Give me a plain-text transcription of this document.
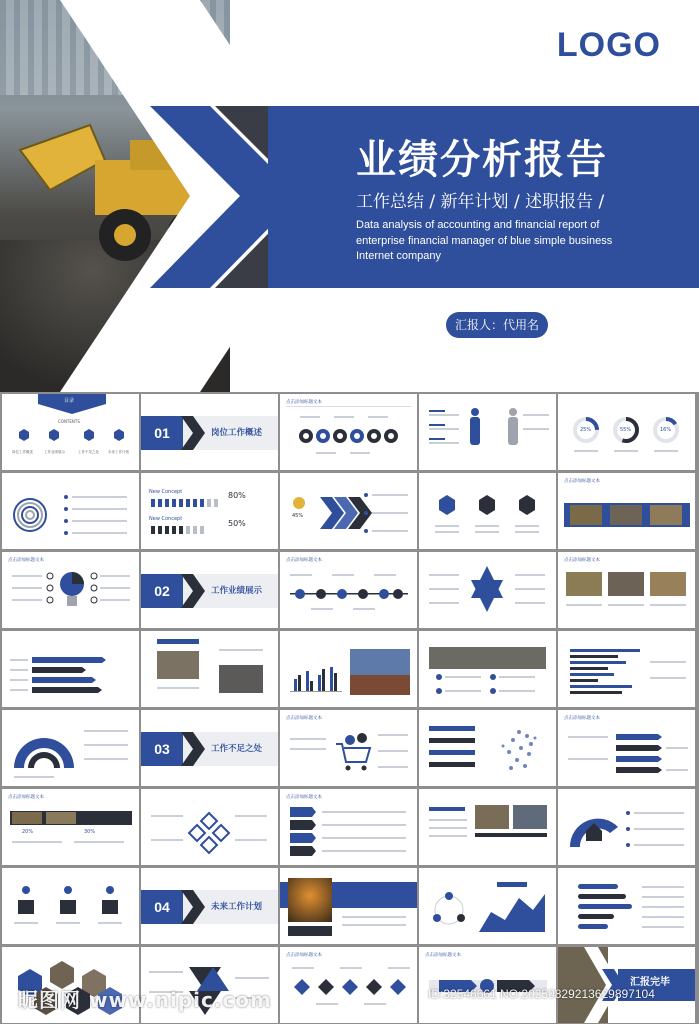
LOGO
业绩分析报告
工作总结 / 新年计划 / 述职报告 /
Data analysis of accounting and financial report of enterprise financial manager of blue simple business Internet company
汇报人：代用名
目录
CONTENTS
岗位工作概述	工作业绩展示	工作不足之处	未来工作计划
01	岗位工作概述
点击添加标题文本
25%	55%	16%
New Concept
New Concept
80%
50%
45%
点击添加标题文本
点击添加标题文本
02	工作业绩展示
点击添加标题文本	点击添加标题文本
03	工作不足之处
点击添加标题文本	点击添加标题文本
点击添加标题文本
20%	30%
点击添加标题文本
04	未来工作计划
点击添加标题文本	点击添加标题文本
汇报完毕
昵图网 www.nipic.com	ID:32546661 NO:20250829213629897104
